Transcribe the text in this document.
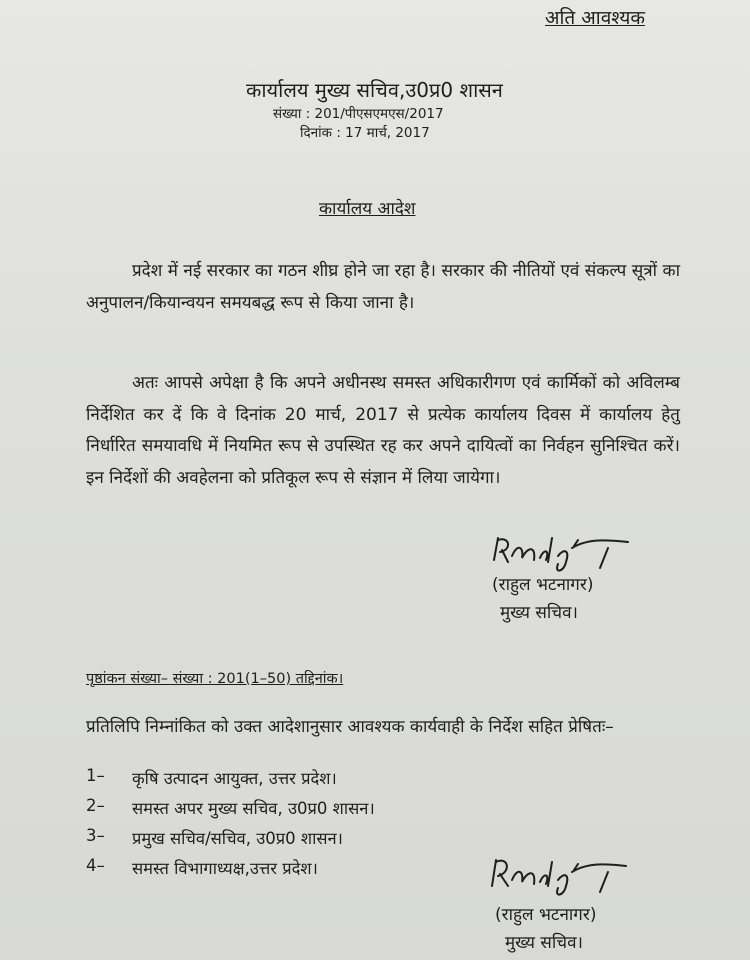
अति आवश्यक
कार्यालय मुख्य सचिव,उ0प्र0 शासन
संख्या : 201/पीएसएमएस/2017
दिनांक : 17 मार्च, 2017
कार्यालय आदेश

प्रदेश में नई सरकार का गठन शीघ्र होने जा रहा है। सरकार की नीतियों एवं संकल्प सूत्रों का अनुपालन/कियान्वयन समयबद्ध रूप से किया जाना है।

अतः आपसे अपेक्षा है कि अपने अधीनस्थ समस्त अधिकारीगण एवं कार्मिकों को अविलम्ब निर्देशित कर दें कि वे दिनांक 20 मार्च, 2017 से प्रत्येक कार्यालय दिवस में कार्यालय हेतु निर्धारित समयावधि में नियमित रूप से उपस्थित रह कर अपने दायित्वों का निर्वहन सुनिश्चित करें। इन निर्देशों की अवहेलना को प्रतिकूल रूप से संज्ञान में लिया जायेगा।

(राहुल भटनागर)
मुख्य सचिव।
पृष्ठांकन संख्या– संख्या : 201(1–50) तद्दिनांक।
प्रतिलिपि निम्नांकित को उक्त आदेशानुसार आवश्यक कार्यवाही के निर्देश सहित प्रेषितः–
1–	कृषि उत्पादन आयुक्त, उत्तर प्रदेश।
2–	समस्त अपर मुख्य सचिव, उ0प्र0 शासन।
3–	प्रमुख सचिव/सचिव, उ0प्र0 शासन।
4–	समस्त विभागाध्यक्ष,उत्तर प्रदेश।
(राहुल भटनागर)
मुख्य सचिव।
